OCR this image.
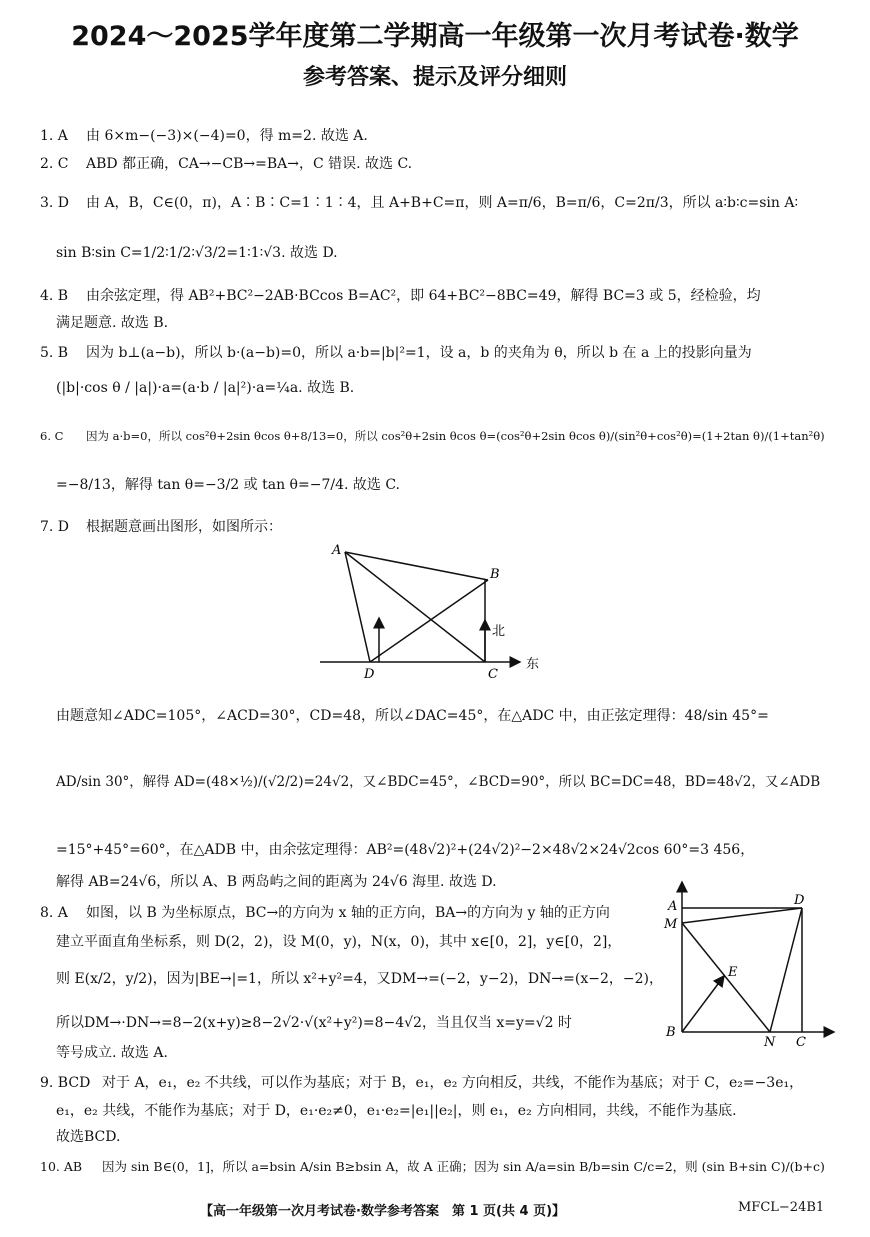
2024～2025学年度第二学期高一年级第一次月考试卷·数学
参考答案、提示及评分细则
1. A 由 6×m−(−3)×(−4)=0，得 m=2. 故选 A.
2. C ABD 都正确，CA→−CB→=BA→，C 错误. 故选 C.
3. D 由 A，B，C∈(0，π)，A∶B∶C=1∶1∶4，且 A+B+C=π，则 A=π/6，B=π/6，C=2π/3，所以 a∶b∶c=sin A∶
sin B∶sin C=1/2∶1/2∶√3/2=1∶1∶√3. 故选 D.
4. B 由余弦定理，得 AB²+BC²−2AB·BCcos B=AC²，即 64+BC²−8BC=49，解得 BC=3 或 5，经检验，均
满足题意. 故选 B.
5. B 因为 b⊥(a−b)，所以 b·(a−b)=0，所以 a·b=|b|²=1，设 a，b 的夹角为 θ，所以 b 在 a 上的投影向量为
(|b|·cos θ / |a|)·a=(a·b / |a|²)·a=¼a. 故选 B.
6. C 因为 a·b=0，所以 cos²θ+2sin θcos θ+8/13=0，所以 cos²θ+2sin θcos θ=(cos²θ+2sin θcos θ)/(sin²θ+cos²θ)=(1+2tan θ)/(1+tan²θ)
=−8/13，解得 tan θ=−3/2 或 tan θ=−7/4. 故选 C.
7. D 根据题意画出图形，如图所示：
由题意知∠ADC=105°，∠ACD=30°，CD=48，所以∠DAC=45°，在△ADC 中，由正弦定理得：48/sin 45°=
AD/sin 30°，解得 AD=(48×½)/(√2/2)=24√2，又∠BDC=45°，∠BCD=90°，所以 BC=DC=48，BD=48√2，又∠ADB
=15°+45°=60°，在△ADB 中，由余弦定理得：AB²=(48√2)²+(24√2)²−2×48√2×24√2cos 60°=3 456，
解得 AB=24√6，所以 A、B 两岛屿之间的距离为 24√6 海里. 故选 D.
8. A 如图，以 B 为坐标原点，BC→的方向为 x 轴的正方向，BA→的方向为 y 轴的正方向
建立平面直角坐标系，则 D(2，2)，设 M(0，y)，N(x，0)，其中 x∈[0，2]，y∈[0，2]，
则 E(x/2，y/2)，因为|BE→|=1，所以 x²+y²=4，又DM→=(−2，y−2)，DN→=(x−2，−2)，
所以DM→·DN→=8−2(x+y)≥8−2√2·√(x²+y²)=8−4√2，当且仅当 x=y=√2 时
等号成立. 故选 A.
9. BCD 对于 A，e₁，e₂ 不共线，可以作为基底；对于 B，e₁，e₂ 方向相反，共线，不能作为基底；对于 C，e₂=−3e₁，
e₁，e₂ 共线，不能作为基底；对于 D，e₁·e₂≠0，e₁·e₂=|e₁||e₂|，则 e₁，e₂ 方向相同，共线，不能作为基底.
故选BCD.
10. AB 因为 sin B∈(0，1]，所以 a=bsin A/sin B≥bsin A，故 A 正确；因为 sin A/a=sin B/b=sin C/c=2，则 (sin B+sin C)/(b+c)
A
B
D	C
北
东
A
M
D
E
B
N C
【高一年级第一次月考试卷·数学参考答案　第 1 页(共 4 页)】	MFCL−24B1
